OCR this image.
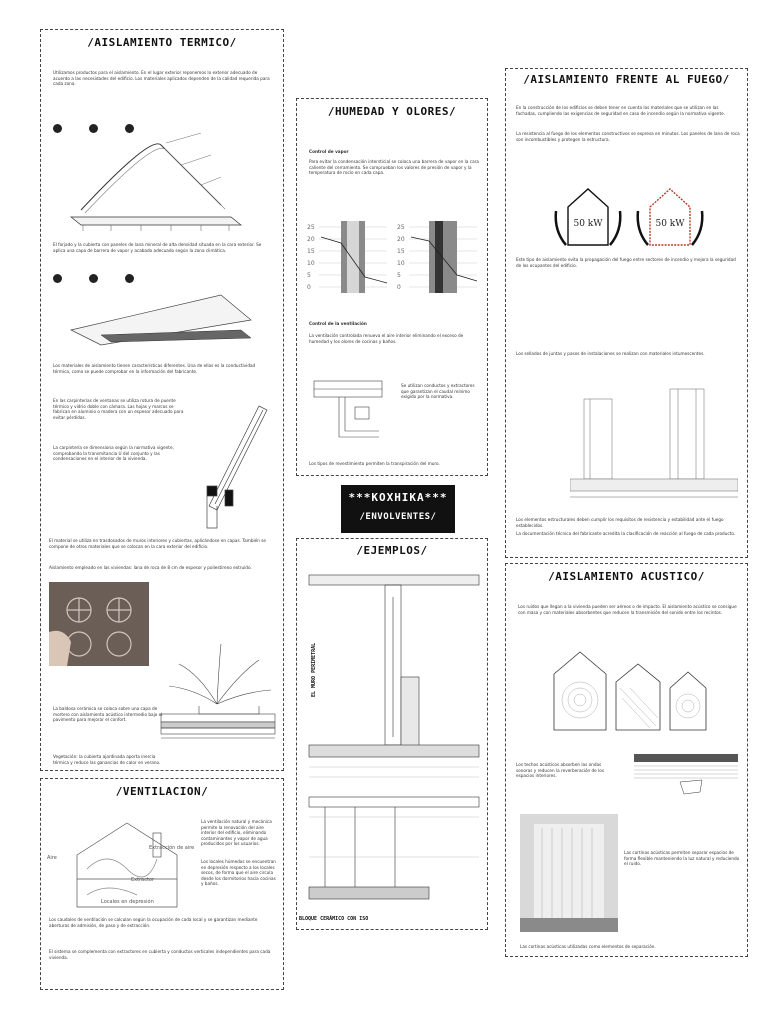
/AISLAMIENTO TERMICO/
Utilizamos productos para el aislamiento. En el lugar exterior reponemos lo exterior adecuado de acuerdo a las necesidades del edificio. Los materiales aplicados dependen de la calidad requerida para cada zona.

El forjado y la cubierta con paneles de lana mineral de alta densidad situada en la cara exterior. Se aplica una capa de barrera de vapor y acabado adecuado según la zona climática.

Los materiales de aislamiento tienen características diferentes. Una de ellas es la conductividad térmica, como se puede comprobar en la información del fabricante.
En las carpinterías de ventanas se utiliza rotura de puente térmico y vidrio doble con cámara. Las hojas y marcos se fabrican en aluminio o madera con un espesor adecuado para evitar pérdidas.
La carpintería se dimensiona según la normativa vigente, comprobando la transmitancia U del conjunto y las condensaciones en el interior de la vivienda.
El material se utiliza en trasdosados de muros interiores y cubiertas, aplicándose en capas. También se compone de otros materiales que se colocan en la cara exterior del edificio.
Aislamiento empleado en las viviendas: lana de roca de 8 cm de espesor y poliestireno extruido.
La baldosa cerámica se coloca sobre una capa de mortero con aislamiento acústico intermedio bajo el pavimento para mejorar el confort.
Vegetación: la cubierta ajardinada aporta inercia térmica y reduce las ganancias de calor en verano.
/HUMEDAD Y OLORES/
Control de vapor
Para evitar la condensación intersticial se coloca una barrera de vapor en la cara caliente del cerramiento. Se comprueban los valores de presión de vapor y la temperatura de rocío en cada capa.
25
20
15
10
5
0
25
20
15
10
5
0
Control de la ventilación
La ventilación controlada renueva el aire interior eliminando el exceso de humedad y los olores de cocinas y baños.
Se utilizan conductos y extractores que garantizan el caudal mínimo exigido por la normativa.
Los tipos de revestimiento permiten la transpiración del muro.
***KOXHIKA***
/ENVOLVENTES/
/EJEMPLOS/
EL MURO PERIMETRAL
BLOQUE CERÁMICO CON ISO
/AISLAMIENTO FRENTE AL FUEGO/
En la construcción de los edificios se deben tener en cuenta los materiales que se utilizan en las fachadas, cumpliendo las exigencias de seguridad en caso de incendio según la normativa vigente.
La resistencia al fuego de los elementos constructivos se expresa en minutos. Los paneles de lana de roca son incombustibles y protegen la estructura.
50 kW	50 kW
Este tipo de aislamiento evita la propagación del fuego entre sectores de incendio y mejora la seguridad de los ocupantes del edificio.
Los sellados de juntas y pasos de instalaciones se realizan con materiales intumescentes.
Los elementos estructurales deben cumplir los requisitos de resistencia y estabilidad ante el fuego establecidos.
La documentación técnica del fabricante acredita la clasificación de reacción al fuego de cada producto.
/AISLAMIENTO ACUSTICO/
Los ruidos que llegan a la vivienda pueden ser aéreos o de impacto. El aislamiento acústico se consigue con masa y con materiales absorbentes que reducen la transmisión del sonido entre los recintos.
Los techos acústicos absorben las ondas sonoras y reducen la reverberación de los espacios interiores.
Las cortinas acústicas permiten separar espacios de forma flexible manteniendo la luz natural y reduciendo el ruido.
Las cortinas acústicas utilizadas como elementos de separación.
/VENTILACION/
Aire
Extracción de aire
Extractor
Locales en depresión
La ventilación natural y mecánica permite la renovación del aire interior del edificio, eliminando contaminantes y vapor de agua producidos por los usuarios.
Los locales húmedos se encuentran en depresión respecto a los locales secos, de forma que el aire circula desde los dormitorios hacia cocinas y baños.
Los caudales de ventilación se calculan según la ocupación de cada local y se garantizan mediante aberturas de admisión, de paso y de extracción.
El sistema se complementa con extractores en cubierta y conductos verticales independientes para cada vivienda.
